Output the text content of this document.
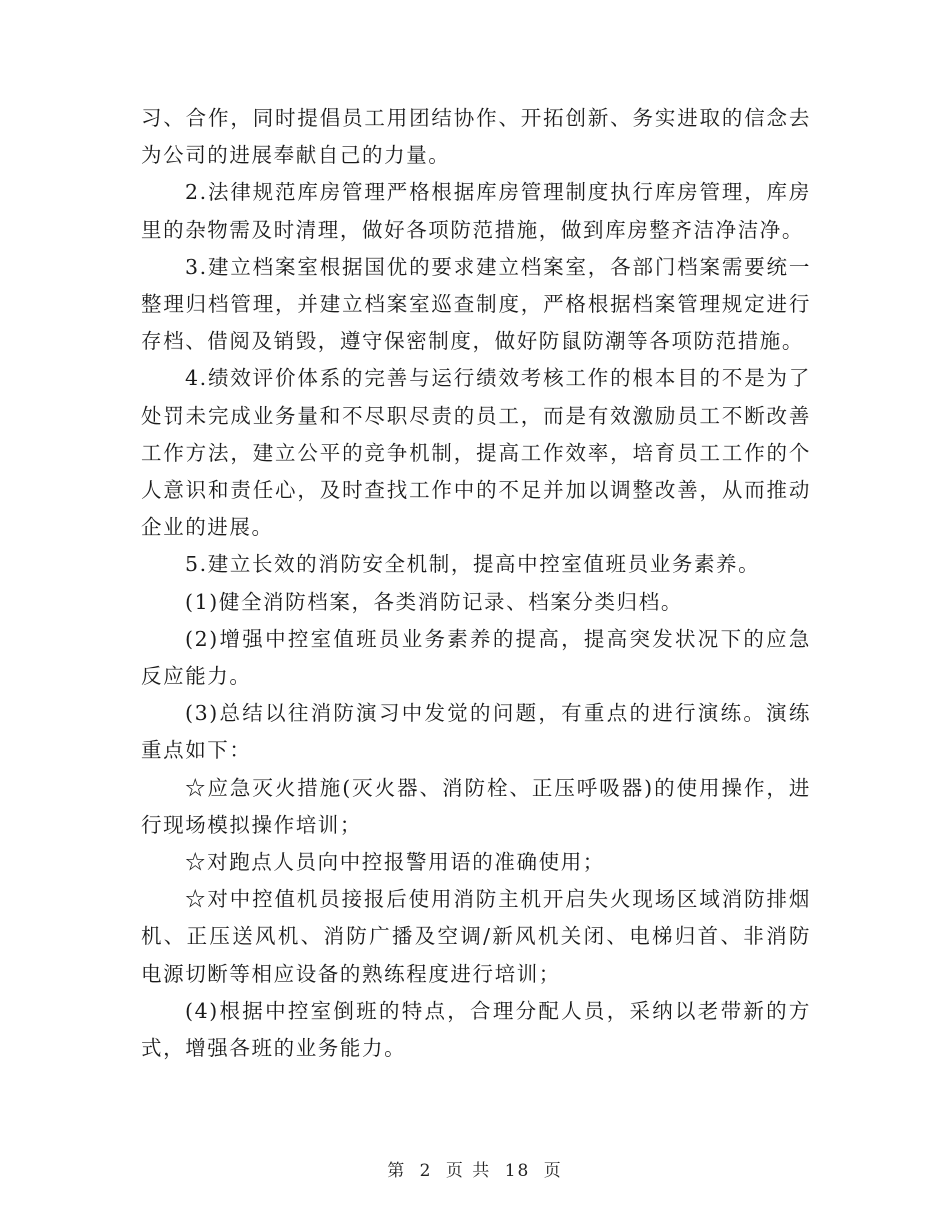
习、合作，同时提倡员工用团结协作、开拓创新、务实进取的信念去为公司的进展奉献自己的力量。

2.法律规范库房管理严格根据库房管理制度执行库房管理，库房里的杂物需及时清理，做好各项防范措施，做到库房整齐洁净洁净。

3.建立档案室根据国优的要求建立档案室，各部门档案需要统一整理归档管理，并建立档案室巡查制度，严格根据档案管理规定进行存档、借阅及销毁，遵守保密制度，做好防鼠防潮等各项防范措施。

4.绩效评价体系的完善与运行绩效考核工作的根本目的不是为了处罚未完成业务量和不尽职尽责的员工，而是有效激励员工不断改善工作方法，建立公平的竞争机制，提高工作效率，培育员工工作的个人意识和责任心，及时查找工作中的不足并加以调整改善，从而推动企业的进展。

5.建立长效的消防安全机制，提高中控室值班员业务素养。

(1)健全消防档案，各类消防记录、档案分类归档。

(2)增强中控室值班员业务素养的提高，提高突发状况下的应急反应能力。

(3)总结以往消防演习中发觉的问题，有重点的进行演练。演练重点如下：

☆应急灭火措施(灭火器、消防栓、正压呼吸器)的使用操作，进行现场模拟操作培训；

☆对跑点人员向中控报警用语的准确使用；

☆对中控值机员接报后使用消防主机开启失火现场区域消防排烟机、正压送风机、消防广播及空调/新风机关闭、电梯归首、非消防电源切断等相应设备的熟练程度进行培训；

(4)根据中控室倒班的特点，合理分配人员，采纳以老带新的方式，增强各班的业务能力。

第 2 页 共 18 页
